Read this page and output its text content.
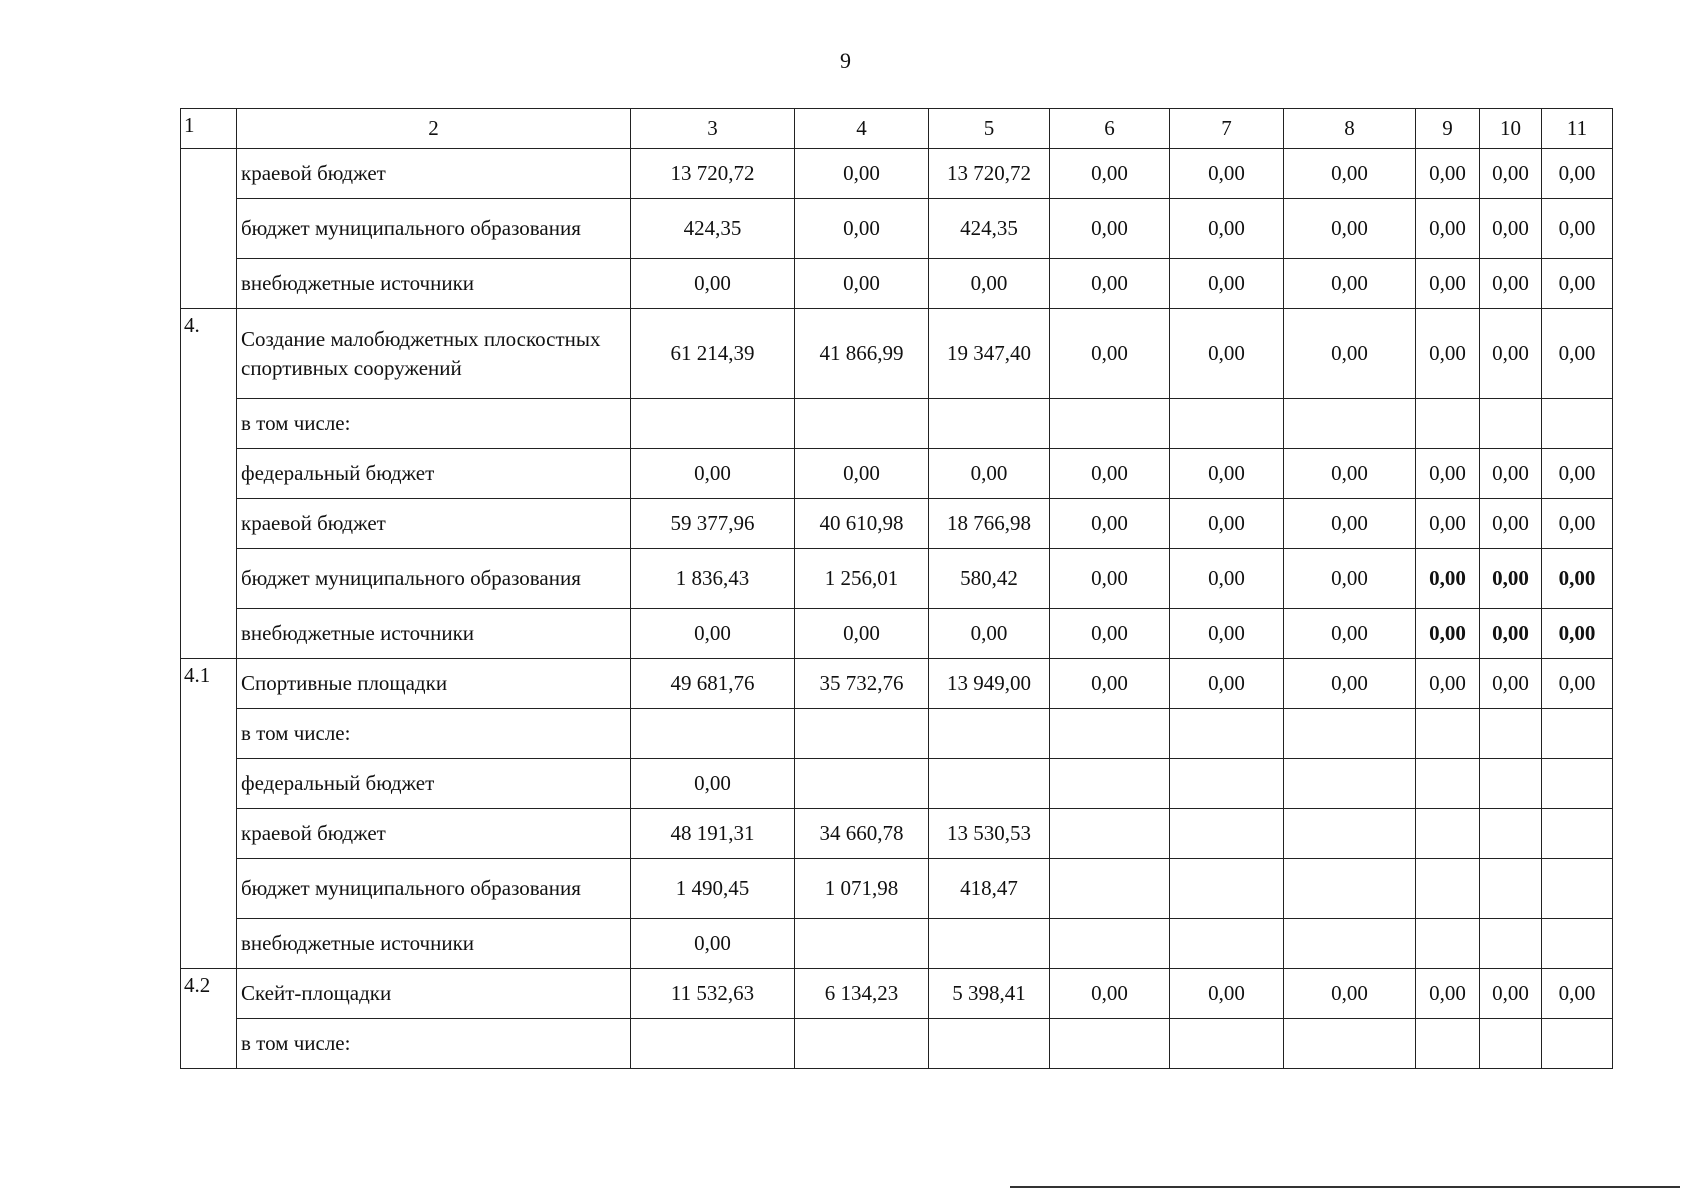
9
1	2	3	4	5	6	7	8	9	10	11
	краевой бюджет	13 720,72	0,00	13 720,72	0,00	0,00	0,00	0,00	0,00	0,00
	бюджет муниципального образования	424,35	0,00	424,35	0,00	0,00	0,00	0,00	0,00	0,00
	внебюджетные источники	0,00	0,00	0,00	0,00	0,00	0,00	0,00	0,00	0,00
4.	Создание малобюджетных плоскостных спортивных сооружений	61 214,39	41 866,99	19 347,40	0,00	0,00	0,00	0,00	0,00	0,00
	в том числе:									
	федеральный бюджет	0,00	0,00	0,00	0,00	0,00	0,00	0,00	0,00	0,00
	краевой бюджет	59 377,96	40 610,98	18 766,98	0,00	0,00	0,00	0,00	0,00	0,00
	бюджет муниципального образования	1 836,43	1 256,01	580,42	0,00	0,00	0,00	0,00	0,00	0,00
	внебюджетные источники	0,00	0,00	0,00	0,00	0,00	0,00	0,00	0,00	0,00
4.1	Спортивные площадки	49 681,76	35 732,76	13 949,00	0,00	0,00	0,00	0,00	0,00	0,00
	в том числе:									
	федеральный бюджет	0,00								
	краевой бюджет	48 191,31	34 660,78	13 530,53						
	бюджет муниципального образования	1 490,45	1 071,98	418,47						
	внебюджетные источники	0,00								
4.2	Скейт-площадки	11 532,63	6 134,23	5 398,41	0,00	0,00	0,00	0,00	0,00	0,00
	в том числе:									
